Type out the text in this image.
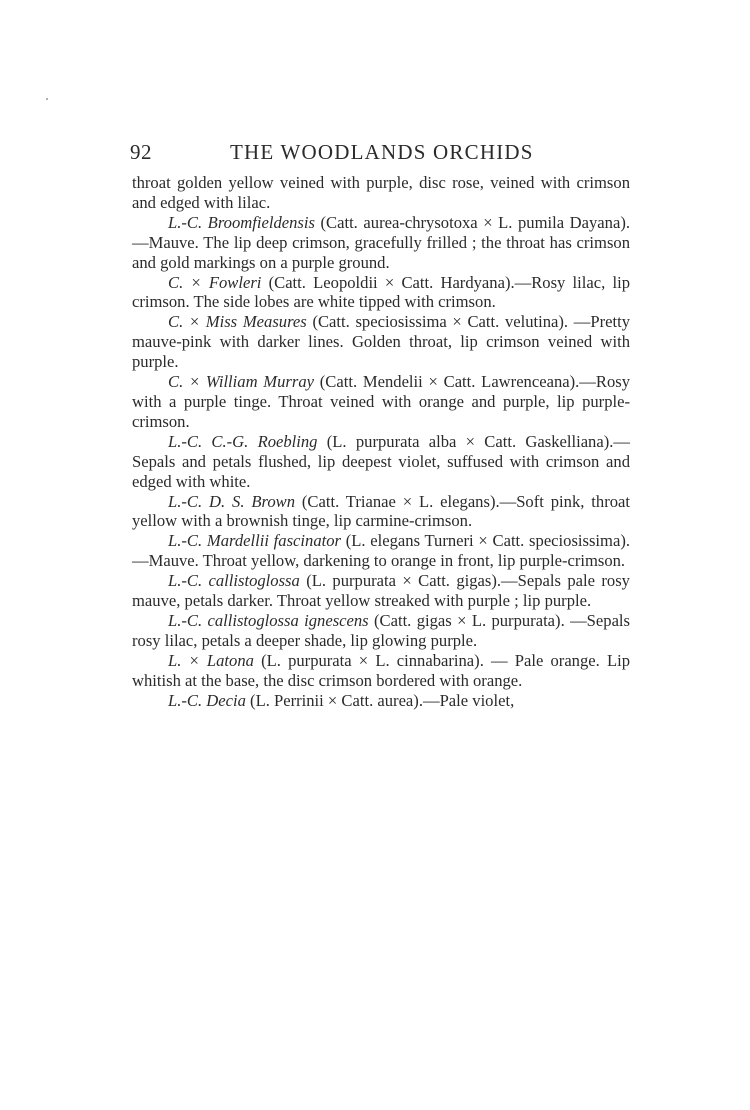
92	THE WOODLANDS ORCHIDS

throat golden yellow veined with purple, disc rose, veined with crimson and edged with lilac.

L.-C. Broomfieldensis (Catt. aurea-chrysotoxa × L. pumila Dayana).—Mauve. The lip deep crimson, gracefully frilled ; the throat has crimson and gold markings on a purple ground.

C. × Fowleri (Catt. Leopoldii × Catt. Hardyana).—Rosy lilac, lip crimson. The side lobes are white tipped with crimson.

C. × Miss Measures (Catt. speciosissima × Catt. velutina). —Pretty mauve-pink with darker lines. Golden throat, lip crimson veined with purple.

C. × William Murray (Catt. Mendelii × Catt. Lawrenceana).—Rosy with a purple tinge. Throat veined with orange and purple, lip purple-crimson.

L.-C. C.-G. Roebling (L. purpurata alba × Catt. Gaskelliana).—Sepals and petals flushed, lip deepest violet, suffused with crimson and edged with white.

L.-C. D. S. Brown (Catt. Trianae × L. elegans).—Soft pink, throat yellow with a brownish tinge, lip carmine-crimson.

L.-C. Mardellii fascinator (L. elegans Turneri × Catt. speciosissima).—Mauve. Throat yellow, darkening to orange in front, lip purple-crimson.

L.-C. callistoglossa (L. purpurata × Catt. gigas).—Sepals pale rosy mauve, petals darker. Throat yellow streaked with purple ; lip purple.

L.-C. callistoglossa ignescens (Catt. gigas × L. purpurata). —Sepals rosy lilac, petals a deeper shade, lip glowing purple.

L. × Latona (L. purpurata × L. cinnabarina). — Pale orange. Lip whitish at the base, the disc crimson bordered with orange.

L.-C. Decia (L. Perrinii × Catt. aurea).—Pale violet,
